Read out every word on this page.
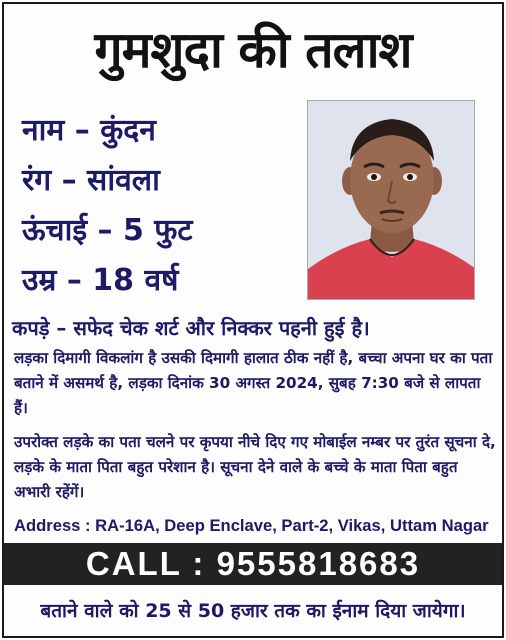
गुमशुदा की तलाश
नाम – कुंदन
रंग – सांवला
ऊंचाई – 5 फुट
उम्र – 18 वर्ष
कपड़े – सफेद चेक शर्ट और निक्कर पहनी हुई है।
लड़का दिमागी विकलांग है उसकी दिमागी हालात ठीक नहीं है, बच्चा अपना घर का पता बताने में असमर्थ है, लड़का दिनांक 30 अगस्त 2024, सुबह 7:30 बजे से लापता हैं।
उपरोक्त लड़के का पता चलने पर कृपया नीचे दिए गए मोबाईल नम्बर पर तुरंत सूचना दे, लड़के के माता पिता बहुत परेशान है। सूचना देने वाले के बच्चे के माता पिता बहुत अभारी रहेंगें।
Address : RA-16A, Deep Enclave, Part-2, Vikas, Uttam Nagar
CALL : 9555818683
बताने वाले को 25 से 50 हजार तक का ईनाम दिया जायेगा।
